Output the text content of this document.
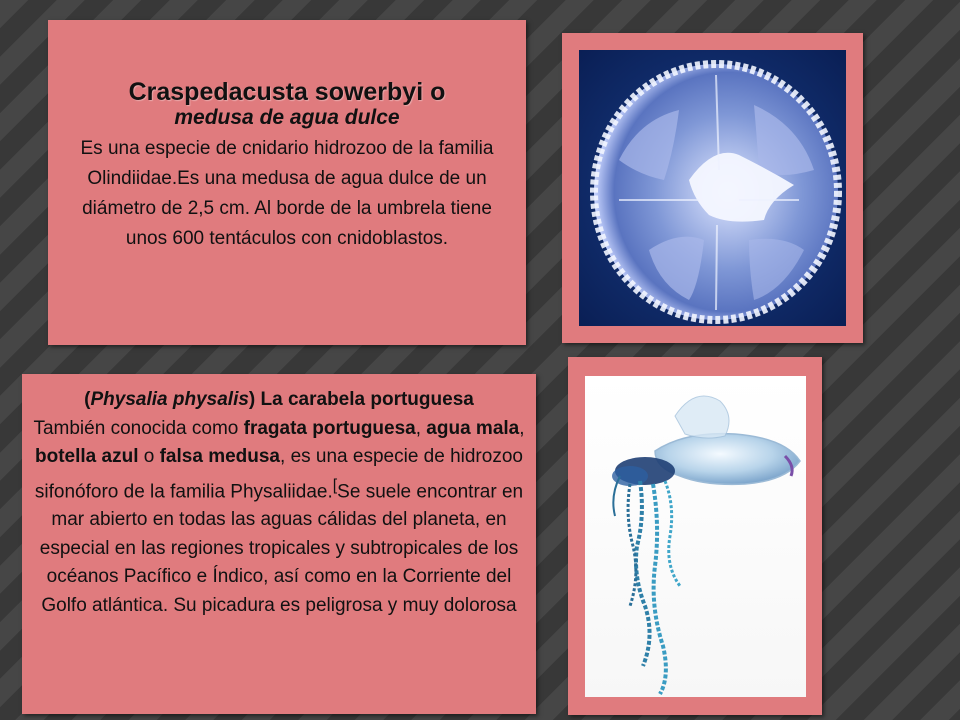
Craspedacusta sowerbyi o
medusa de agua dulce
Es una especie de cnidario hidrozoo de la familia Olindiidae.Es una medusa de agua dulce de un diámetro de 2,5 cm. Al borde de la umbrela tiene unos 600 tentáculos con cnidoblastos.
(Physalia physalis) La carabela portuguesa
También conocida como fragata portuguesa, agua mala, botella azul o falsa medusa, es una especie de hidrozoo sifonóforo de la familia Physaliidae.[Se suele encontrar en mar abierto en todas las aguas cálidas del planeta, en especial en las regiones tropicales y subtropicales de los océanos Pacífico e Índico, así como en la Corriente del Golfo atlántica. Su picadura es peligrosa y muy dolorosa
